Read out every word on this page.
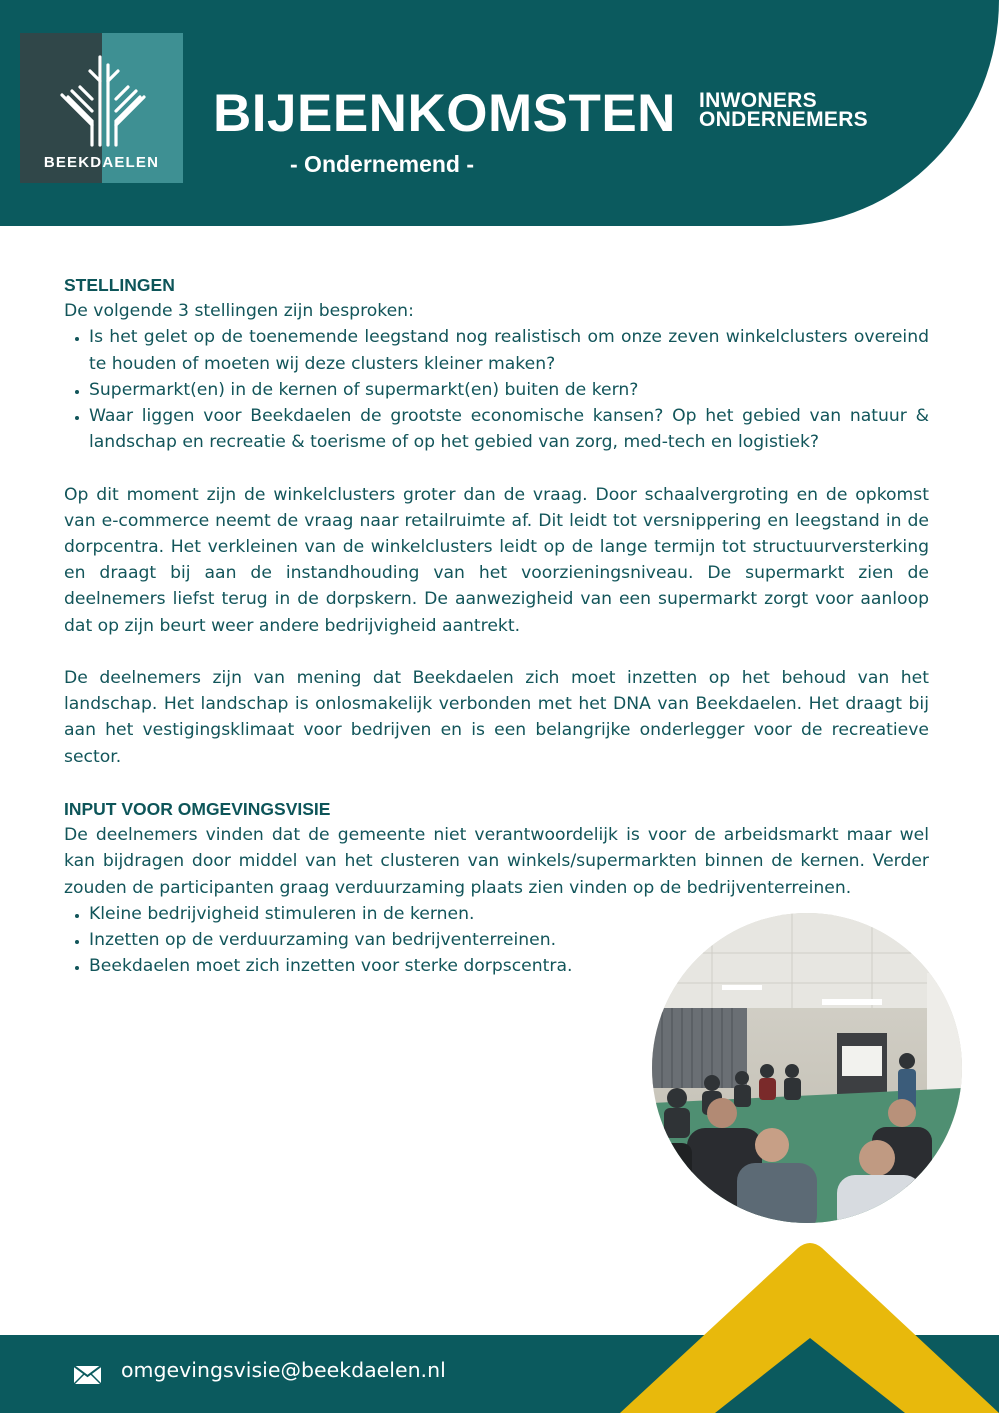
BEEKDAELEN
BIJEENKOMSTEN INWONERS
ONDERNEMERS
- Ondernemend -
STELLINGEN

De volgende 3 stellingen zijn besproken:

• Is het gelet op de toenemende leegstand nog realistisch om onze zeven winkelclusters overeind te houden of moeten wij deze clusters kleiner maken?
• Supermarkt(en) in de kernen of supermarkt(en) buiten de kern?
• Waar liggen voor Beekdaelen de grootste economische kansen? Op het gebied van natuur & landschap en recreatie & toerisme of op het gebied van zorg, med-tech en logistiek?

Op dit moment zijn de winkelclusters groter dan de vraag. Door schaalvergroting en de opkomst van e-commerce neemt de vraag naar retailruimte af. Dit leidt tot versnippering en leegstand in de dorpcentra. Het verkleinen van de winkelclusters leidt op de lange termijn tot structuurversterking en draagt bij aan de instandhouding van het voorzieningsniveau. De supermarkt zien de deelnemers liefst terug in de dorpskern. De aanwezigheid van een supermarkt zorgt voor aanloop dat op zijn beurt weer andere bedrijvigheid aantrekt.

De deelnemers zijn van mening dat Beekdaelen zich moet inzetten op het behoud van het landschap. Het landschap is onlosmakelijk verbonden met het DNA van Beekdaelen. Het draagt bij aan het vestigingsklimaat voor bedrijven en is een belangrijke onderlegger voor de recreatieve sector.

INPUT VOOR OMGEVINGSVISIE

De deelnemers vinden dat de gemeente niet verantwoordelijk is voor de arbeidsmarkt maar wel kan bijdragen door middel van het clusteren van winkels/supermarkten binnen de kernen. Verder zouden de participanten graag verduurzaming plaats zien vinden op de bedrijventerreinen.

• Kleine bedrijvigheid stimuleren in de kernen.
• Inzetten op de verduurzaming van bedrijventerreinen.
• Beekdaelen moet zich inzetten voor sterke dorpscentra.
omgevingsvisie@beekdaelen.nl
